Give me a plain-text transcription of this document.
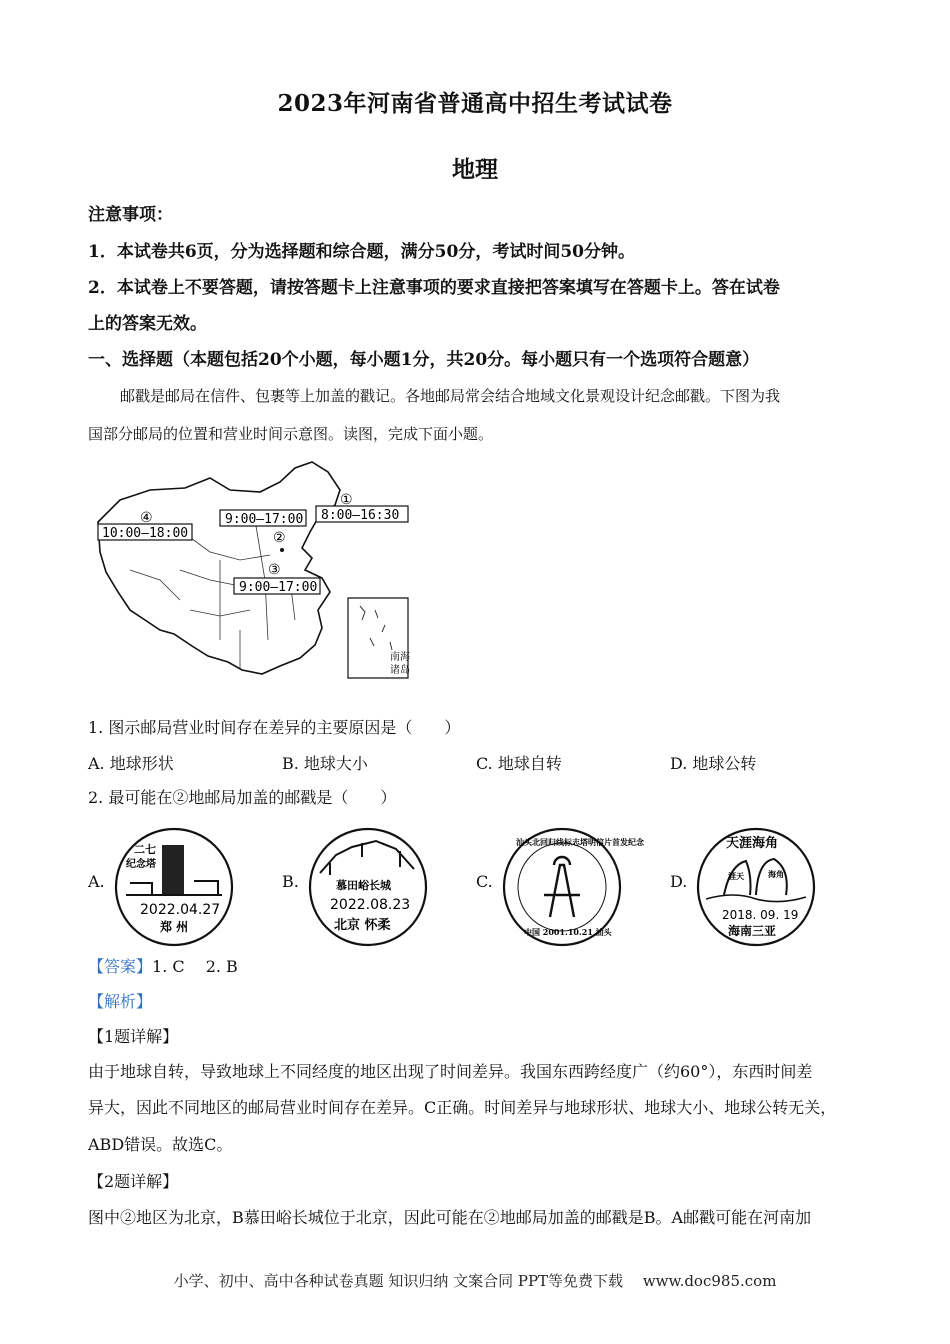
2023年河南省普通高中招生考试试卷
地理
注意事项：
1．本试卷共6页，分为选择题和综合题，满分50分，考试时间50分钟。
2．本试卷上不要答题，请按答题卡上注意事项的要求直接把答案填写在答题卡上。答在试卷
上的答案无效。
一、选择题（本题包括20个小题，每小题1分，共20分。每小题只有一个选项符合题意）
邮戳是邮局在信件、包裹等上加盖的戳记。各地邮局常会结合地域文化景观设计纪念邮戳。下图为我
国部分邮局的位置和营业时间示意图。读图，完成下面小题。
南海
诸岛
8:00–16:30
①
9:00–17:00
②
9:00–17:00
③
10:00–18:00
④
1. 图示邮局营业时间存在差异的主要原因是（　　）
A. 地球形状	B. 地球大小	C. 地球自转	D. 地球公转
2. 最可能在②地邮局加盖的邮戳是（　　）
A.
二七
纪念塔
2022.04.27
郑 州
B.	慕田峪长城
2022.08.23
北京 怀柔
C.
汕头北回归线标志塔明信片首发纪念
中国 2001.10.21 汕头
D.
天涯海角
涯天	海角
2018. 09. 19
海南三亚
【答案】1. C　 2. B
【解析】
【1题详解】
由于地球自转，导致地球上不同经度的地区出现了时间差异。我国东西跨经度广（约60°），东西时间差
异大，因此不同地区的邮局营业时间存在差异。C正确。时间差异与地球形状、地球大小、地球公转无关，
ABD错误。故选C。
【2题详解】
图中②地区为北京，B慕田峪长城位于北京，因此可能在②地邮局加盖的邮戳是B。A邮戳可能在河南加
小学、初中、高中各种试卷真题 知识归纳 文案合同 PPT等免费下载　 www.doc985.com
